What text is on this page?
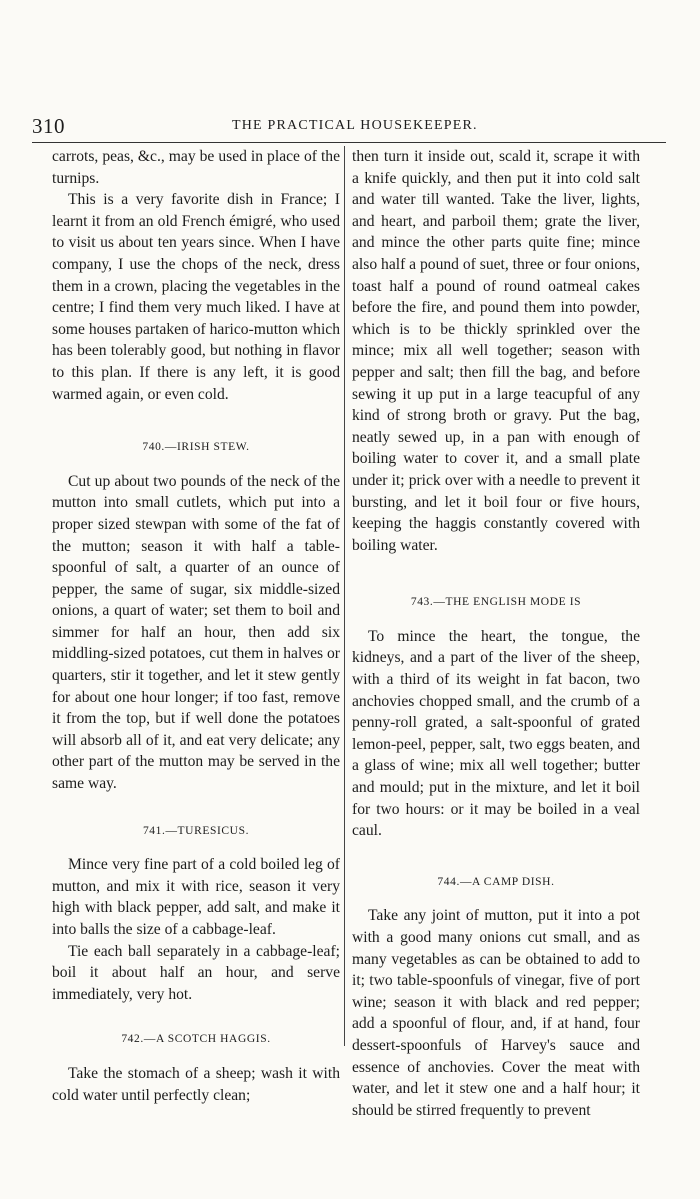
310	THE PRACTICAL HOUSEKEEPER.

carrots, peas, &c., may be used in place of the turnips.

This is a very favorite dish in France; I learnt it from an old French émigré, who used to visit us about ten years since. When I have company, I use the chops of the neck, dress them in a crown, placing the vegetables in the centre; I find them very much liked. I have at some houses partaken of harico-mutton which has been tolerably good, but nothing in flavor to this plan. If there is any left, it is good warmed again, or even cold.

740.—IRISH STEW.

Cut up about two pounds of the neck of the mutton into small cutlets, which put into a proper sized stewpan with some of the fat of the mutton; season it with half a table-spoonful of salt, a quarter of an ounce of pepper, the same of sugar, six middle-sized onions, a quart of water; set them to boil and simmer for half an hour, then add six middling-sized potatoes, cut them in halves or quarters, stir it together, and let it stew gently for about one hour longer; if too fast, remove it from the top, but if well done the potatoes will absorb all of it, and eat very delicate; any other part of the mutton may be served in the same way.

741.—TURESICUS.

Mince very fine part of a cold boiled leg of mutton, and mix it with rice, season it very high with black pepper, add salt, and make it into balls the size of a cabbage-leaf.

Tie each ball separately in a cabbage-leaf; boil it about half an hour, and serve immediately, very hot.

742.—A SCOTCH HAGGIS.

Take the stomach of a sheep; wash it with cold water until perfectly clean;

then turn it inside out, scald it, scrape it with a knife quickly, and then put it into cold salt and water till wanted. Take the liver, lights, and heart, and parboil them; grate the liver, and mince the other parts quite fine; mince also half a pound of suet, three or four onions, toast half a pound of round oatmeal cakes before the fire, and pound them into powder, which is to be thickly sprinkled over the mince; mix all well together; season with pepper and salt; then fill the bag, and before sewing it up put in a large teacupful of any kind of strong broth or gravy. Put the bag, neatly sewed up, in a pan with enough of boiling water to cover it, and a small plate under it; prick over with a needle to prevent it bursting, and let it boil four or five hours, keeping the haggis constantly covered with boiling water.

743.—THE ENGLISH MODE IS

To mince the heart, the tongue, the kidneys, and a part of the liver of the sheep, with a third of its weight in fat bacon, two anchovies chopped small, and the crumb of a penny-roll grated, a salt-spoonful of grated lemon-peel, pepper, salt, two eggs beaten, and a glass of wine; mix all well together; butter and mould; put in the mixture, and let it boil for two hours: or it may be boiled in a veal caul.

744.—A CAMP DISH.

Take any joint of mutton, put it into a pot with a good many onions cut small, and as many vegetables as can be obtained to add to it; two table-spoonfuls of vinegar, five of port wine; season it with black and red pepper; add a spoonful of flour, and, if at hand, four dessert-spoonfuls of Harvey's sauce and essence of anchovies. Cover the meat with water, and let it stew one and a half hour; it should be stirred frequently to prevent
